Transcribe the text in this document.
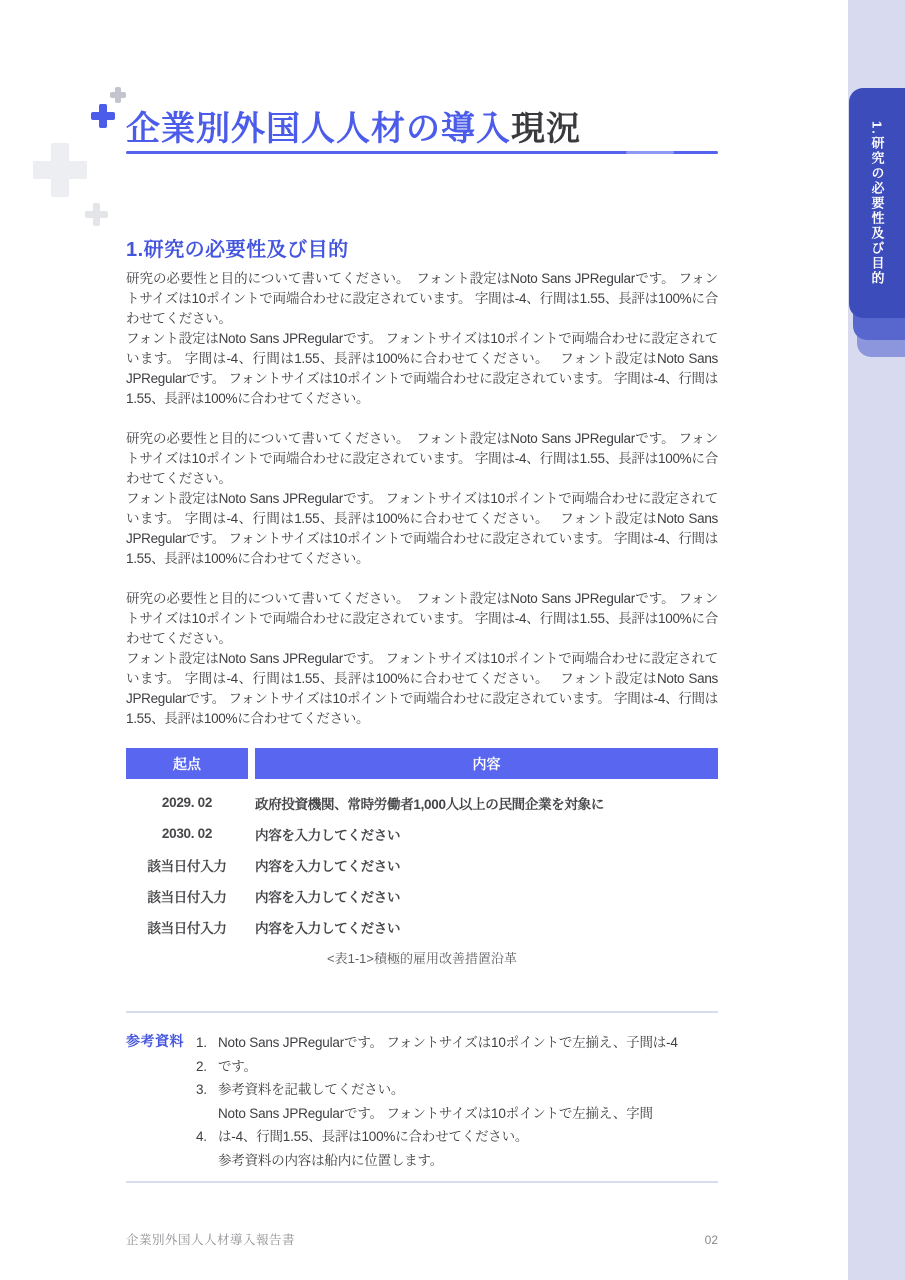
1.研究の必要性及び目的
企業別外国人人材の導入現況
1.研究の必要性及び目的

研究の必要性と目的について書いてください。　フォント設定はNoto Sans JPRegularです。 フォントサイズは10ポイントで両端合わせに設定されています。 字間は-4、行間は1.55、長評は100%に合わせてください。

フォント設定はNoto Sans JPRegularです。 フォントサイズは10ポイントで両端合わせに設定されています。 字間は-4、行間は1.55、長評は100%に合わせてください。　 フォント設定はNoto Sans JPRegularです。 フォントサイズは10ポイントで両端合わせに設定されています。 字間は-4、行間は1.55、長評は100%に合わせてください。

研究の必要性と目的について書いてください。　フォント設定はNoto Sans JPRegularです。 フォントサイズは10ポイントで両端合わせに設定されています。 字間は-4、行間は1.55、長評は100%に合わせてください。

フォント設定はNoto Sans JPRegularです。 フォントサイズは10ポイントで両端合わせに設定されています。 字間は-4、行間は1.55、長評は100%に合わせてください。　 フォント設定はNoto Sans JPRegularです。 フォントサイズは10ポイントで両端合わせに設定されています。 字間は-4、行間は1.55、長評は100%に合わせてください。

研究の必要性と目的について書いてください。　フォント設定はNoto Sans JPRegularです。 フォントサイズは10ポイントで両端合わせに設定されています。 字間は-4、行間は1.55、長評は100%に合わせてください。

フォント設定はNoto Sans JPRegularです。 フォントサイズは10ポイントで両端合わせに設定されています。 字間は-4、行間は1.55、長評は100%に合わせてください。　 フォント設定はNoto Sans JPRegularです。 フォントサイズは10ポイントで両端合わせに設定されています。 字間は-4、行間は1.55、長評は100%に合わせてください。

起点	内容
2029. 02	政府投資機関、常時労働者1,000人以上の民間企業を対象に
2030. 02	内容を入力してください
該当日付入力	内容を入力してください
該当日付入力	内容を入力してください
該当日付入力	内容を入力してください
<表1-1>積極的雇用改善措置沿革
参考資料 1. Noto Sans JPRegularです。 フォントサイズは10ポイントで左揃え、子間は-4
2. です。
3. 参考資料を記載してください。
Noto Sans JPRegularです。 フォントサイズは10ポイントで左揃え、字間
4. は-4、行間1.55、長評は100%に合わせてください。
参考資料の内容は船内に位置します。
企業別外国人人材導入報告書	02
